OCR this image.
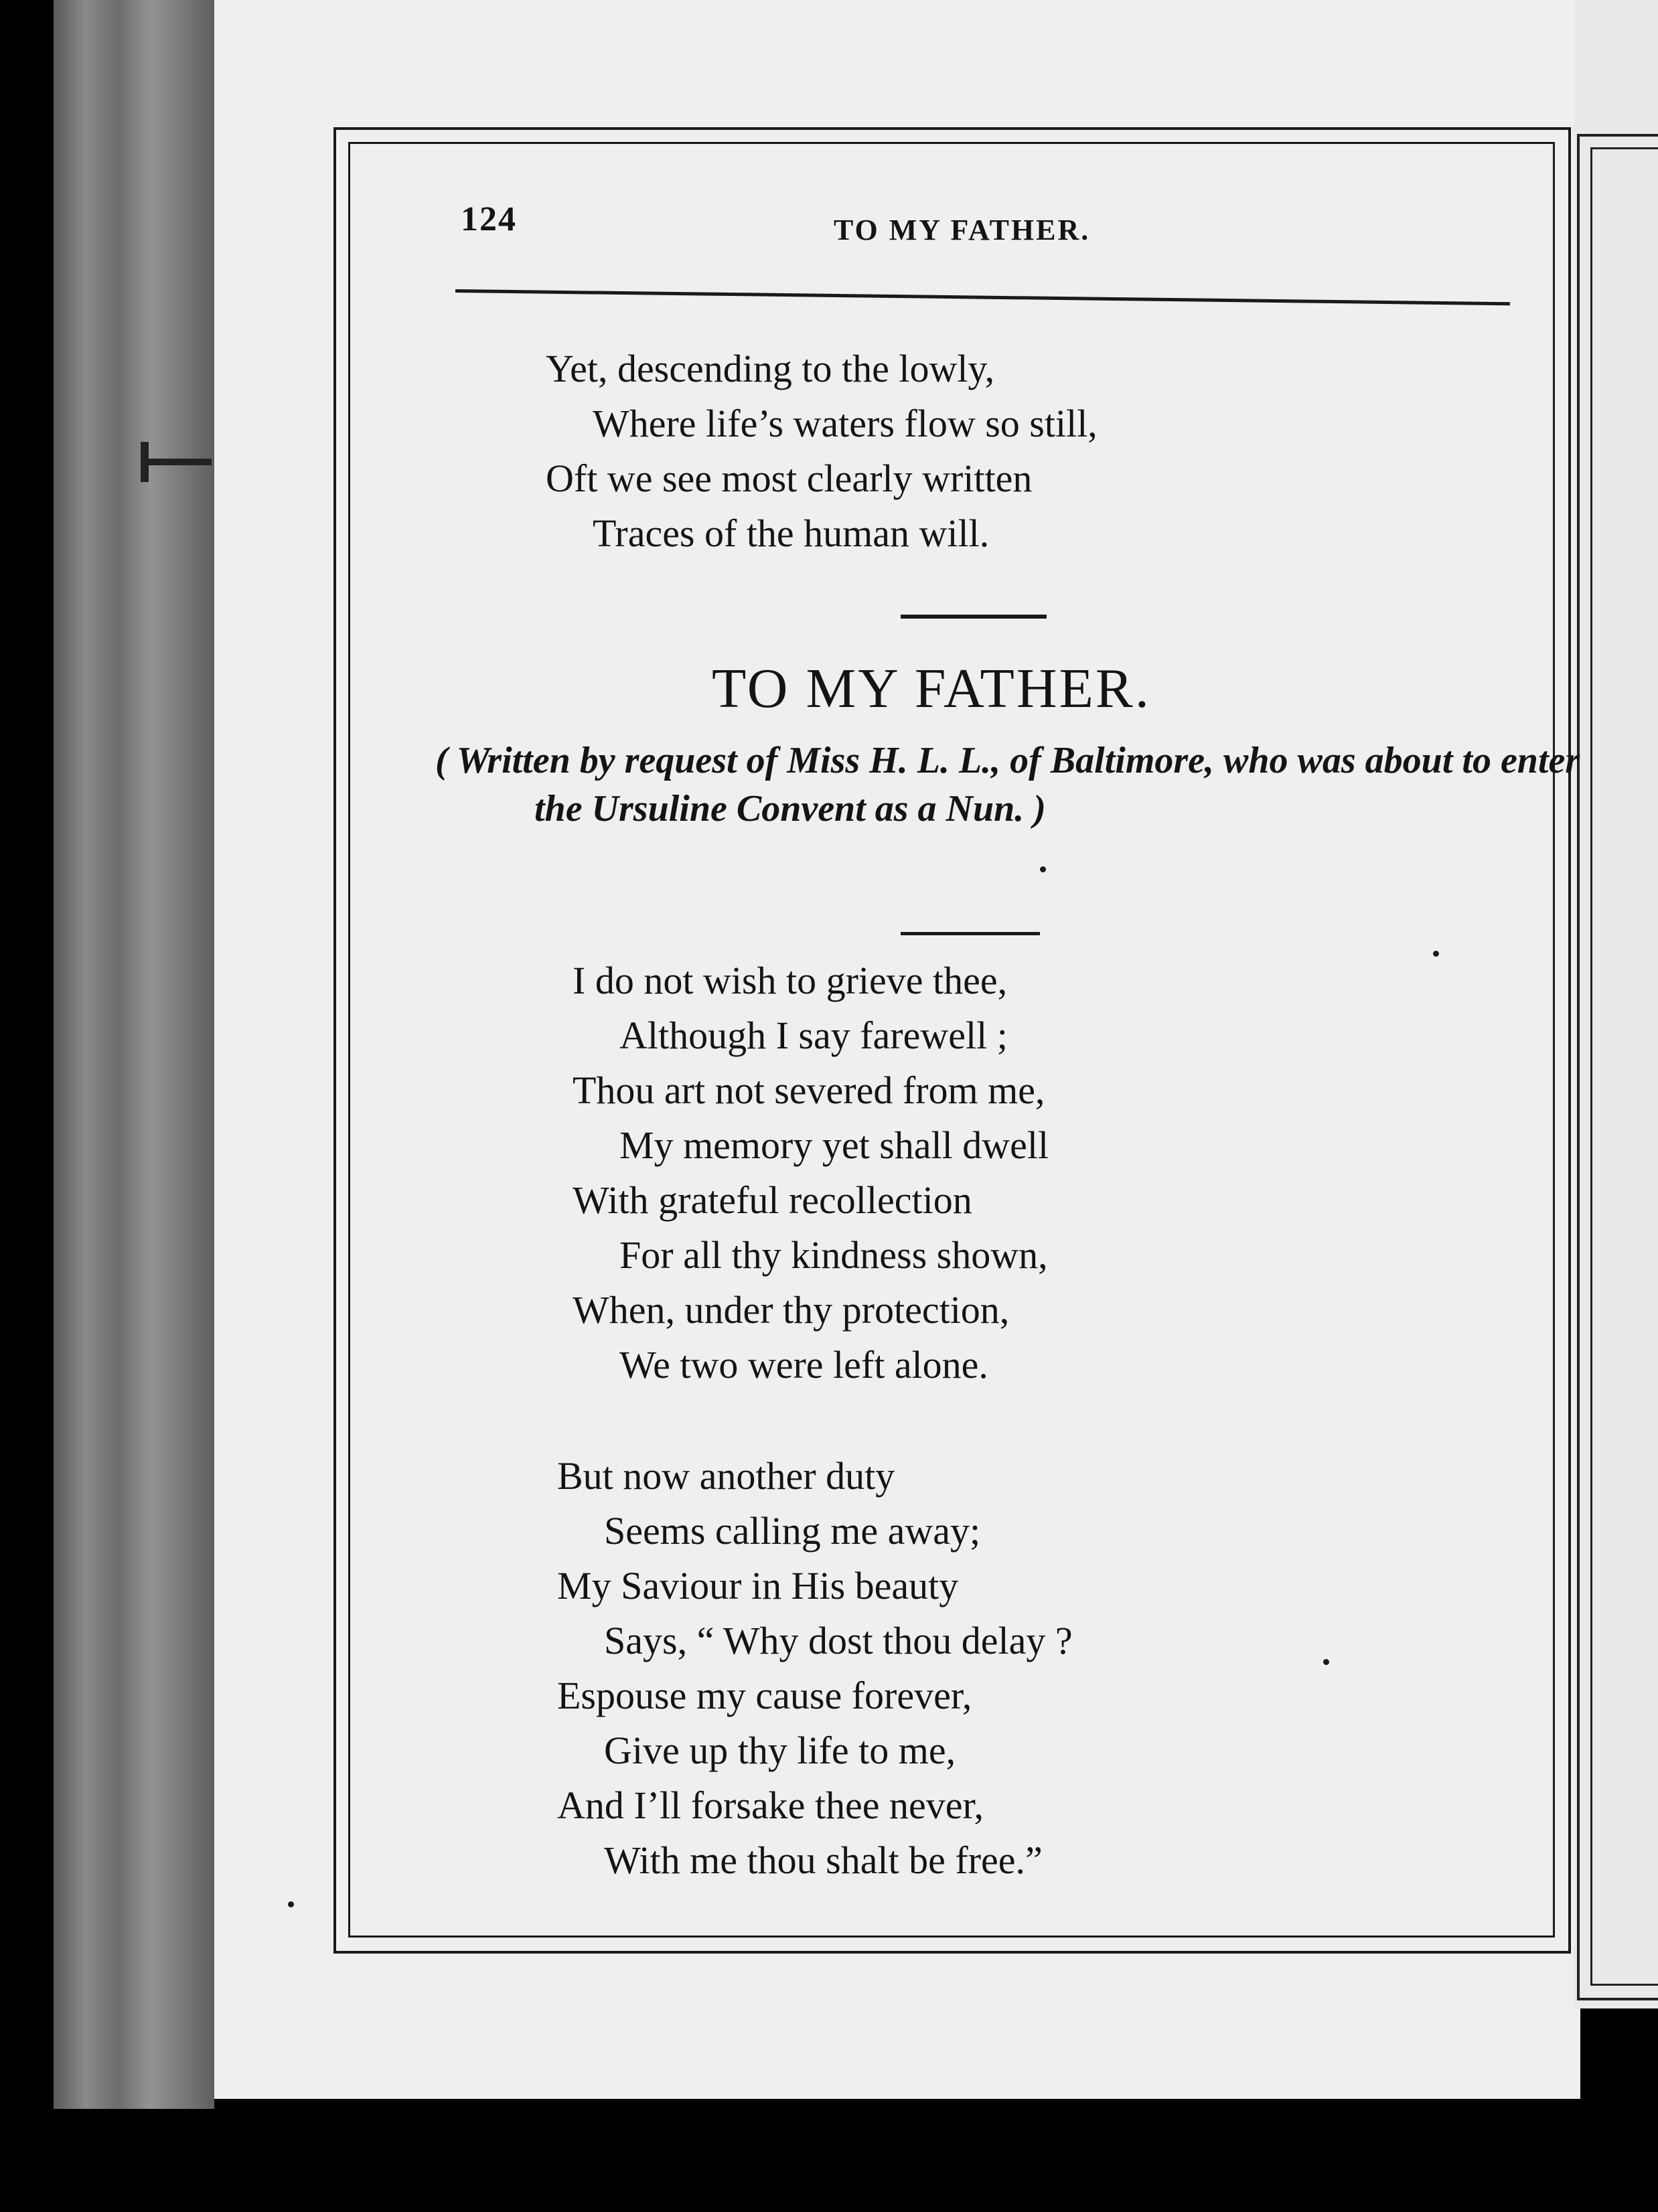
124	TO MY FATHER.
Yet, descending to the lowly,
Where life’s waters flow so still,
Oft we see most clearly written
Traces of the human will.
TO MY FATHER.
( Written by request of Miss H. L. L., of Baltimore, who was about to enter the Ursuline Convent as a Nun. )
I do not wish to grieve thee,
Although I say farewell ;
Thou art not severed from me,
My memory yet shall dwell
With grateful recollection
For all thy kindness shown,
When, under thy protection,
We two were left alone.
But now another duty
Seems calling me away;
My Saviour in His beauty
Says, “ Why dost thou delay ?
Espouse my cause forever,
Give up thy life to me,
And I’ll forsake thee never,
With me thou shalt be free.”
